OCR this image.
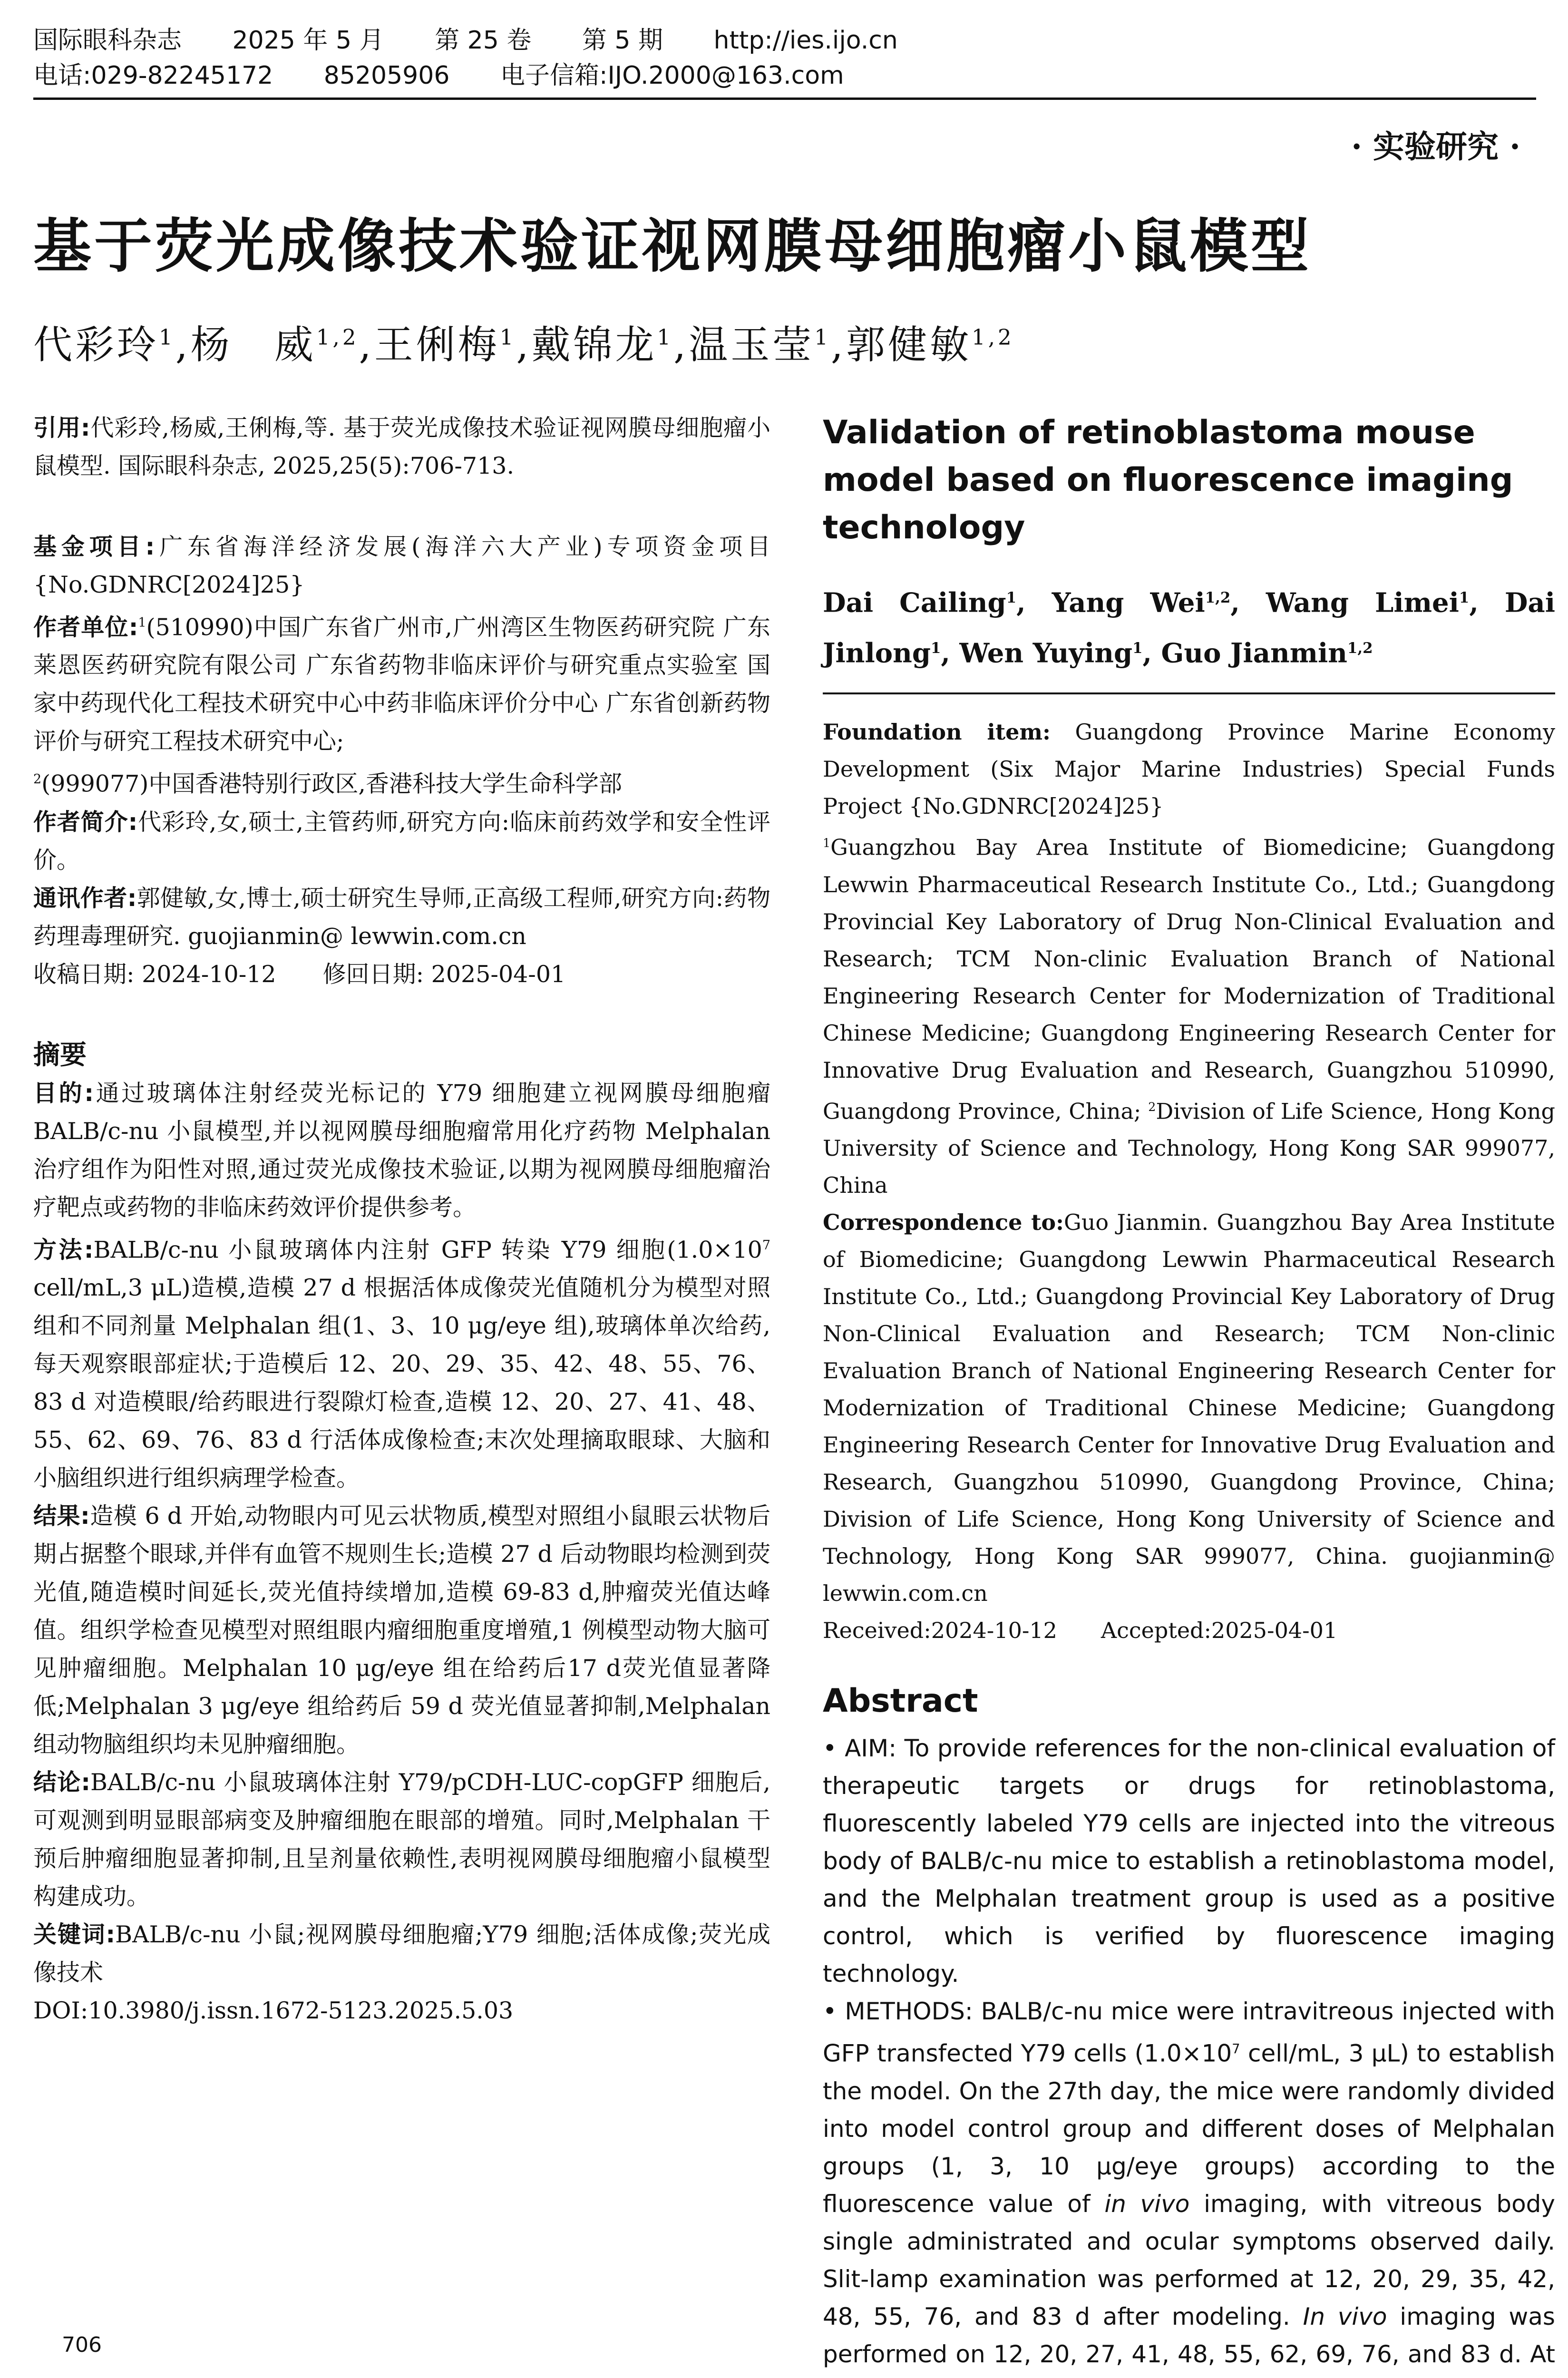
国际眼科杂志 2025 年 5 月 第 25 卷 第 5 期 http://ies.ijo.cn
电话:029-82245172 85205906 电子信箱:IJO.2000@163.com
· 实验研究 ·
基于荧光成像技术验证视网膜母细胞瘤小鼠模型
代彩玲$^1$,杨　威$^{1,2}$,王俐梅$^1$,戴锦龙$^1$,温玉莹$^1$,郭健敏$^{1,2}$

引用:代彩玲,杨威,王俐梅,等. 基于荧光成像技术验证视网膜母细胞瘤小鼠模型. 国际眼科杂志, 2025,25(5):706-713.

基金项目:广东省海洋经济发展(海洋六大产业)专项资金项目{No.GDNRC[2024]25}

作者单位:$^1$(510990)中国广东省广州市,广州湾区生物医药研究院 广东莱恩医药研究院有限公司 广东省药物非临床评价与研究重点实验室 国家中药现代化工程技术研究中心中药非临床评价分中心 广东省创新药物评价与研究工程技术研究中心;
$^2$(999077)中国香港特别行政区,香港科技大学生命科学部

作者简介:代彩玲,女,硕士,主管药师,研究方向:临床前药效学和安全性评价。

通讯作者:郭健敏,女,博士,硕士研究生导师,正高级工程师,研究方向:药物药理毒理研究. guojianmin@ lewwin.com.cn

收稿日期: 2024-10-12　　修回日期: 2025-04-01

摘要

目的:通过玻璃体注射经荧光标记的 Y79 细胞建立视网膜母细胞瘤 BALB/c-nu 小鼠模型,并以视网膜母细胞瘤常用化疗药物 Melphalan 治疗组作为阳性对照,通过荧光成像技术验证,以期为视网膜母细胞瘤治疗靶点或药物的非临床药效评价提供参考。

方法:BALB/c-nu 小鼠玻璃体内注射 GFP 转染 Y79 细胞($1.0\times 10^7$ cell/mL,3 μL)造模,造模 27 d 根据活体成像荧光值随机分为模型对照组和不同剂量 Melphalan 组(1、3、10 μg/eye 组),玻璃体单次给药,每天观察眼部症状;于造模后 12、20、29、35、42、48、55、76、83 d 对造模眼/给药眼进行裂隙灯检查,造模 12、20、27、41、48、55、62、69、76、83 d 行活体成像检查;末次处理摘取眼球、大脑和小脑组织进行组织病理学检查。

结果:造模 6 d 开始,动物眼内可见云状物质,模型对照组小鼠眼云状物后期占据整个眼球,并伴有血管不规则生长;造模 27 d 后动物眼均检测到荧光值,随造模时间延长,荧光值持续增加,造模 69-83 d,肿瘤荧光值达峰值。组织学检查见模型对照组眼内瘤细胞重度增殖,1 例模型动物大脑可见肿瘤细胞。Melphalan 10 μg/eye 组在给药后17 d荧光值显著降低;Melphalan 3 μg/eye 组给药后 59 d 荧光值显著抑制,Melphalan 组动物脑组织均未见肿瘤细胞。

结论:BALB/c-nu 小鼠玻璃体注射 Y79/pCDH-LUC-copGFP 细胞后,可观测到明显眼部病变及肿瘤细胞在眼部的增殖。同时,Melphalan 干预后肿瘤细胞显著抑制,且呈剂量依赖性,表明视网膜母细胞瘤小鼠模型构建成功。

关键词:BALB/c-nu 小鼠;视网膜母细胞瘤;Y79 细胞;活体成像;荧光成像技术

DOI:10.3980/j.issn.1672-5123.2025.5.03

Validation of retinoblastoma mouse model based on fluorescence imaging technology

Dai Cailing$^1$, Yang Wei$^{1,2}$, Wang Limei$^1$, Dai Jinlong$^1$, Wen Yuying$^1$, Guo Jianmin$^{1,2}$

Foundation item: Guangdong Province Marine Economy Development (Six Major Marine Industries) Special Funds Project {No.GDNRC[2024]25}

$^1$Guangzhou Bay Area Institute of Biomedicine; Guangdong Lewwin Pharmaceutical Research Institute Co., Ltd.; Guangdong Provincial Key Laboratory of Drug Non-Clinical Evaluation and Research; TCM Non-clinic Evaluation Branch of National Engineering Research Center for Modernization of Traditional Chinese Medicine; Guangdong Engineering Research Center for Innovative Drug Evaluation and Research, Guangzhou 510990, Guangdong Province, China; $^2$Division of Life Science, Hong Kong University of Science and Technology, Hong Kong SAR 999077, China

Correspondence to:Guo Jianmin. Guangzhou Bay Area Institute of Biomedicine; Guangdong Lewwin Pharmaceutical Research Institute Co., Ltd.; Guangdong Provincial Key Laboratory of Drug Non-Clinical Evaluation and Research; TCM Non-clinic Evaluation Branch of National Engineering Research Center for Modernization of Traditional Chinese Medicine; Guangdong Engineering Research Center for Innovative Drug Evaluation and Research, Guangzhou 510990, Guangdong Province, China; Division of Life Science, Hong Kong University of Science and Technology, Hong Kong SAR 999077, China. guojianmin@ lewwin.com.cn

Received:2024-10-12　　Accepted:2025-04-01

Abstract

• AIM: To provide references for the non-clinical evaluation of therapeutic targets or drugs for retinoblastoma, fluorescently labeled Y79 cells are injected into the vitreous body of BALB/c-nu mice to establish a retinoblastoma model, and the Melphalan treatment group is used as a positive control, which is verified by fluorescence imaging technology.

• METHODS: BALB/c-nu mice were intravitreous injected with GFP transfected Y79 cells ($1.0\times 10^7$ cell/mL, 3 μL) to establish the model. On the 27th day, the mice were randomly divided into model control group and different doses of Melphalan groups (1, 3, 10 μg/eye groups) according to the fluorescence value of in vivo imaging, with vitreous body single administrated and ocular symptoms observed daily. Slit-lamp examination was performed at 12, 20, 29, 35, 42, 48, 55, 76, and 83 d after modeling. In vivo imaging was performed on 12, 20, 27, 41, 48, 55, 62, 69, 76, and 83 d. At

706
